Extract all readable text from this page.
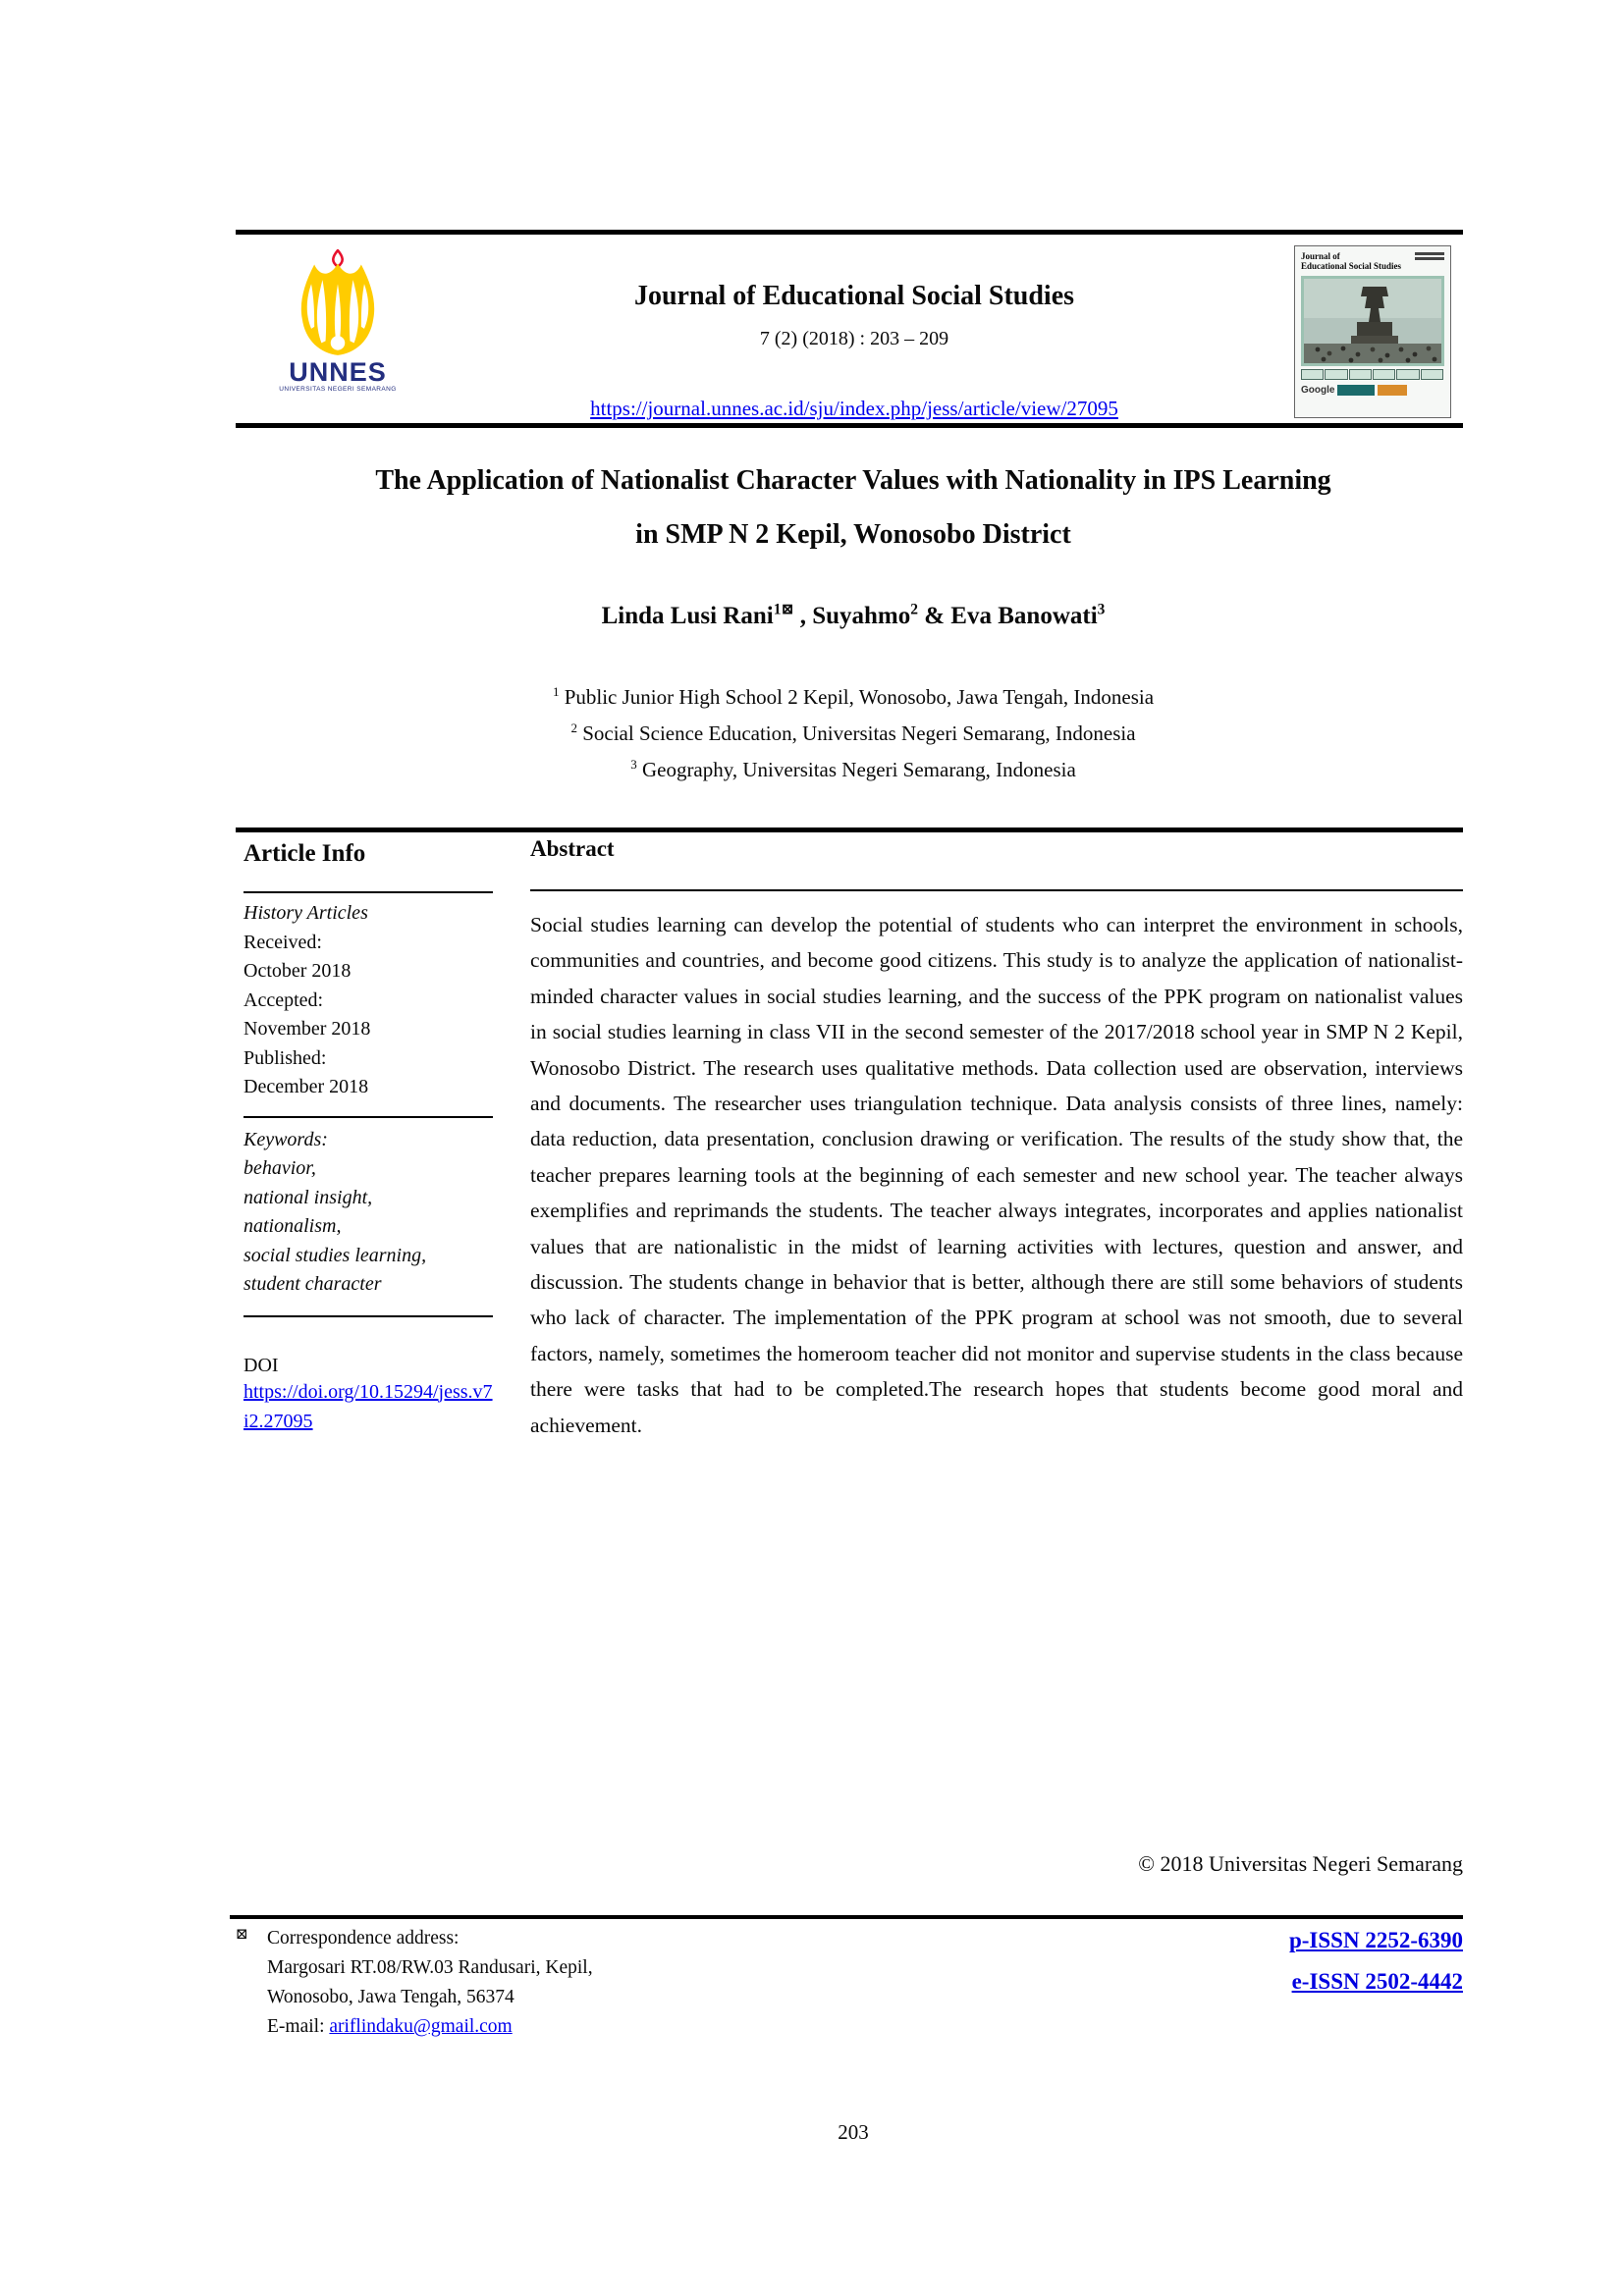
UNNES
UNIVERSITAS NEGERI SEMARANG
Journal of Educational Social Studies
7 (2) (2018) : 203 – 209
https://journal.unnes.ac.id/sju/index.php/jess/article/view/27095
Journal of
Educational Social Studies
Google
The Application of Nationalist Character Values with Nationality in IPS Learning
in SMP N 2 Kepil, Wonosobo District
Linda Lusi Rani$^{1⊠}$ , Suyahmo$^2$ & Eva Banowati$^3$
$^1$ Public Junior High School 2 Kepil, Wonosobo, Jawa Tengah, Indonesia
$^2$ Social Science Education, Universitas Negeri Semarang, Indonesia
$^3$ Geography, Universitas Negeri Semarang, Indonesia
Article Info
History Articles
Received:
October 2018
Accepted:
November 2018
Published:
December 2018
Keywords:
behavior,
national insight,
nationalism,
social studies learning,
student character
DOI
https://doi.org/10.15294/jess.v7i2.27095
Abstract

Social studies learning can develop the potential of students who can interpret the environment in schools, communities and countries, and become good citizens. This study is to analyze the application of nationalist-minded character values in social studies learning, and the success of the PPK program on nationalist values in social studies learning in class VII in the second semester of the 2017/2018 school year in SMP N 2 Kepil, Wonosobo District. The research uses qualitative methods. Data collection used are observation, interviews and documents. The researcher uses triangulation technique. Data analysis consists of three lines, namely: data reduction, data presentation, conclusion drawing or verification. The results of the study show that, the teacher prepares learning tools at the beginning of each semester and new school year. The teacher always exemplifies and reprimands the students. The teacher always integrates, incorporates and applies nationalist values that are nationalistic in the midst of learning activities with lectures, question and answer, and discussion. The students change in behavior that is better, although there are still some behaviors of students who lack of character. The implementation of the PPK program at school was not smooth, due to several factors, namely, sometimes the homeroom teacher did not monitor and supervise students in the class because there were tasks that had to be completed.The research hopes that students become good moral and achievement.

© 2018 Universitas Negeri Semarang
⊠ Correspondence address:
Margosari RT.08/RW.03 Randusari, Kepil,
Wonosobo, Jawa Tengah, 56374
E-mail: ariflindaku@gmail.com
p-ISSN 2252-6390
e-ISSN 2502-4442
203
